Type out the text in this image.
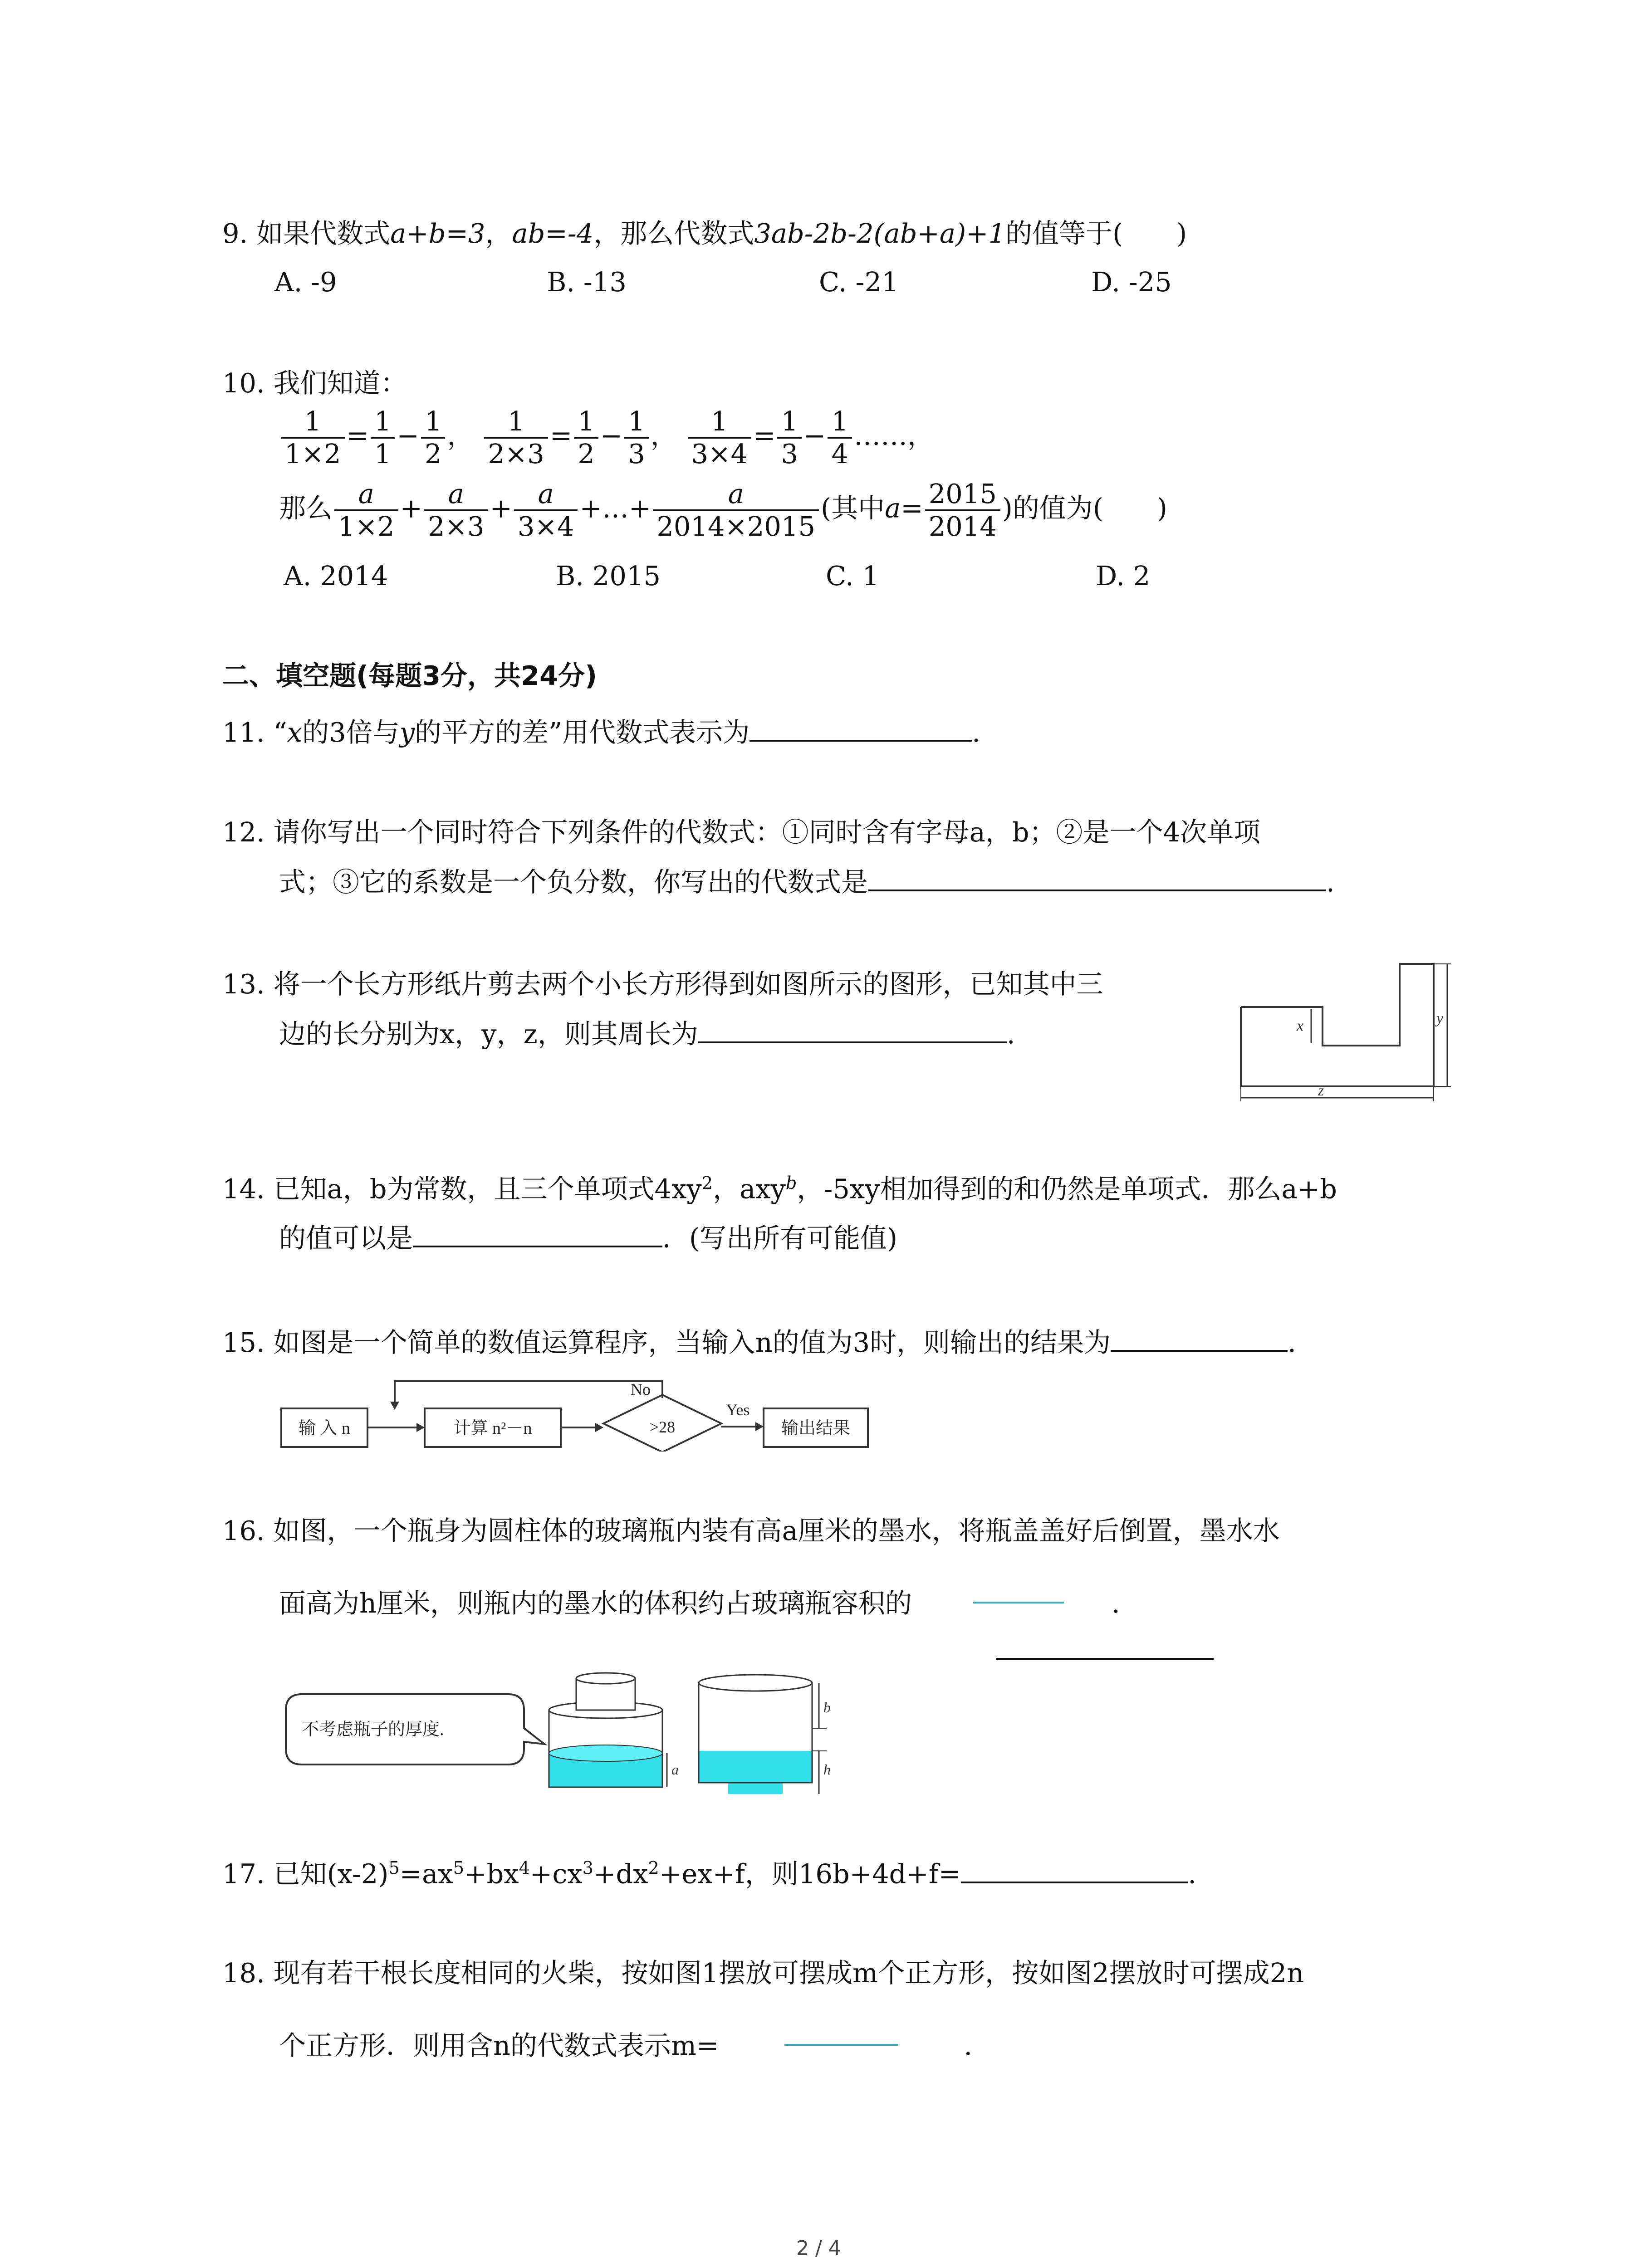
9. 如果代数式a+b=3，ab=-4，那么代数式3ab-2b-2(ab+a)+1的值等于(　　)
A. -9	B. -13	C. -21	D. -25
10. 我们知道：
$\frac{1}{1\times 2} = \frac{1}{1} - \frac{1}{2}$ ， $\frac{1}{2\times 3} = \frac{1}{2} - \frac{1}{3}$ ， $\frac{1}{3\times 4} = \frac{1}{3} - \frac{1}{4}$ ……，
那么 $\frac{a}{1\times 2} + \frac{a}{2\times 3} + \frac{a}{3\times 4}$ +…+ $\frac{a}{2014\times 2015}$ (其中$a= \frac{2015}{2014}$ )的值为(　　)
A. 2014	B. 2015	C. 1	D. 2
二、填空题(每题3分，共24分)
11. “x的3倍与y的平方的差”用代数式表示为	.
12. 请你写出一个同时符合下列条件的代数式：①同时含有字母a，b；②是一个4次单项
式；③它的系数是一个负分数，你写出的代数式是	.
13. 将一个长方形纸片剪去两个小长方形得到如图所示的图形，已知其中三
边的长分别为x，y，z，则其周长为	.	x	y
z
14. 已知a，b为常数，且三个单项式$4xy^2$，axy$^b$，-5xy相加得到的和仍然是单项式．那么a+b
的值可以是	．(写出所有可能值)
15. 如图是一个简单的数值运算程序，当输入n的值为3时，则输出的结果为	.
输 入 n	计算 n²－n	>28
No
Yes
输出结果
16. 如图，一个瓶身为圆柱体的玻璃瓶内装有高a厘米的墨水，将瓶盖盖好后倒置，墨水水
面高为h厘米，则瓶内的墨水的体积约占玻璃瓶容积的	.
不考虑瓶子的厚度.
a
b
h
17. 已知$(x-2)^5=ax^5+bx^4+cx^3+dx^2+ex+f$，则16b+4d+f=	.
18. 现有若干根长度相同的火柴，按如图1摆放可摆成m个正方形，按如图2摆放时可摆成2n
个正方形．则用含n的代数式表示m=	.
2 / 4
